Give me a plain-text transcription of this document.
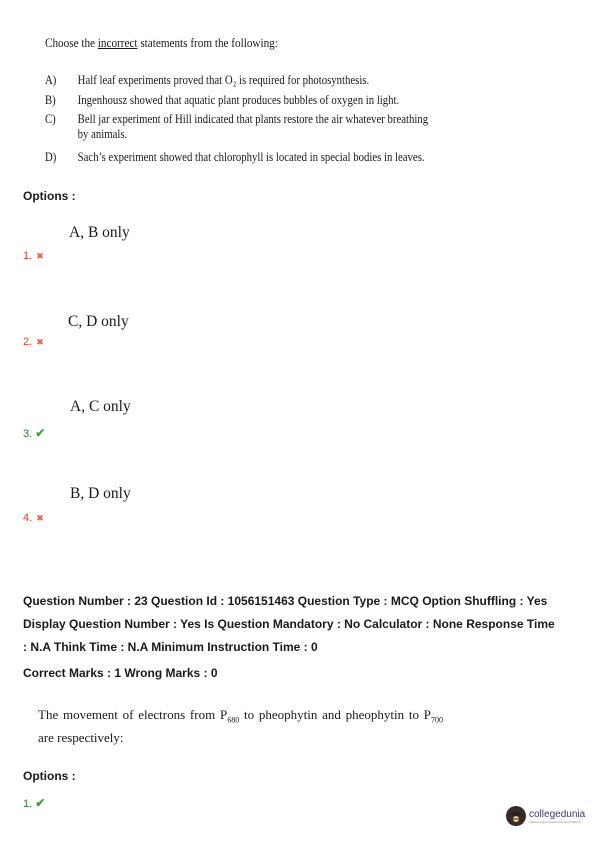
Choose the incorrect statements from the following:
A) Half leaf experiments proved that O₂ is required for photosynthesis.
B) Ingenhousz showed that aquatic plant produces bubbles of oxygen in light.
C) Bell jar experiment of Hill indicated that plants restore the air whatever breathing
by animals.
D) Sach’s experiment showed that chlorophyll is located in special bodies in leaves.
Options :
A, B only
1. ✖
C, D only
2. ✖
A, C only
3. ✔
B, D only
4. ✖
Question Number : 23 Question Id : 1056151463 Question Type : MCQ Option Shuffling : Yes
Display Question Number : Yes Is Question Mandatory : No Calculator : None Response Time
: N.A Think Time : N.A Minimum Instruction Time : 0
Correct Marks : 1 Wrong Marks : 0
The movement of electrons from $P_{680}$ to pheophytin and pheophytin to $P_{700}$ are respectively:
Options :
1. ✔
collegedunia
India's largest Student Review Platform
